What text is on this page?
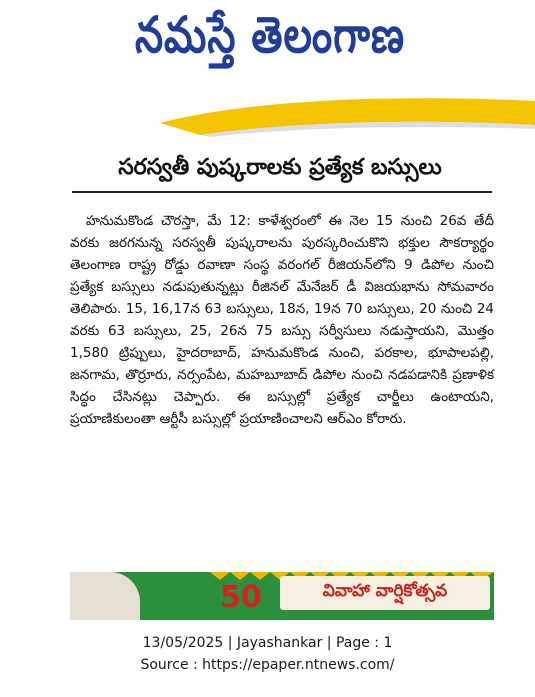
నమస్తే తెలంగాణ
సరస్వతీ పుష్కరాలకు ప్రత్యేక బస్సులు

హనుమకొండ చౌరస్తా, మే 12: కాళేశ్వరంలో ఈ నెల 15 నుంచి 26వ తేదీ వరకు జరగనున్న సరస్వతీ పుష్కరాలను పురస్కరించుకొని భక్తుల సౌకర్యార్థం తెలంగాణ రాష్ట్ర రోడ్డు రవాణా సంస్థ వరంగల్‌ రీజియన్‌లోని 9 డిపోల నుంచి ప్రత్యేక బస్సులు నడుపుతున్నట్లు రీజినల్‌ మేనేజర్‌ డీ విజయభాను సోమవారం తెలిపారు. 15, 16,17న 63 బస్సులు, 18న, 19న 70 బస్సులు, 20 నుంచి 24 వరకు 63 బస్సులు, 25, 26న 75 బస్సు సర్వీసులు నడుస్తాయని, మొత్తం 1,580 ట్రిప్పులు, హైదరాబాద్‌, హనుమకొండ నుంచి, పరకాల, భూపాలపల్లి, జనగామ, తొర్రూరు, నర్సంపేట, మహబూబాద్‌ డిపోల నుంచి నడపడానికి ప్రణాళిక సిద్ధం చేసినట్లు చెప్పారు. ఈ బస్సుల్లో ప్రత్యేక చార్జీలు ఉంటాయని, ప్రయాణికులంతా ఆర్టీసీ బస్సుల్లో ప్రయాణించాలని ఆర్‌ఎం కోరారు.

50	వివాహా వార్షికోత్సవ
13/05/2025 | Jayashankar | Page : 1
Source : https://epaper.ntnews.com/
